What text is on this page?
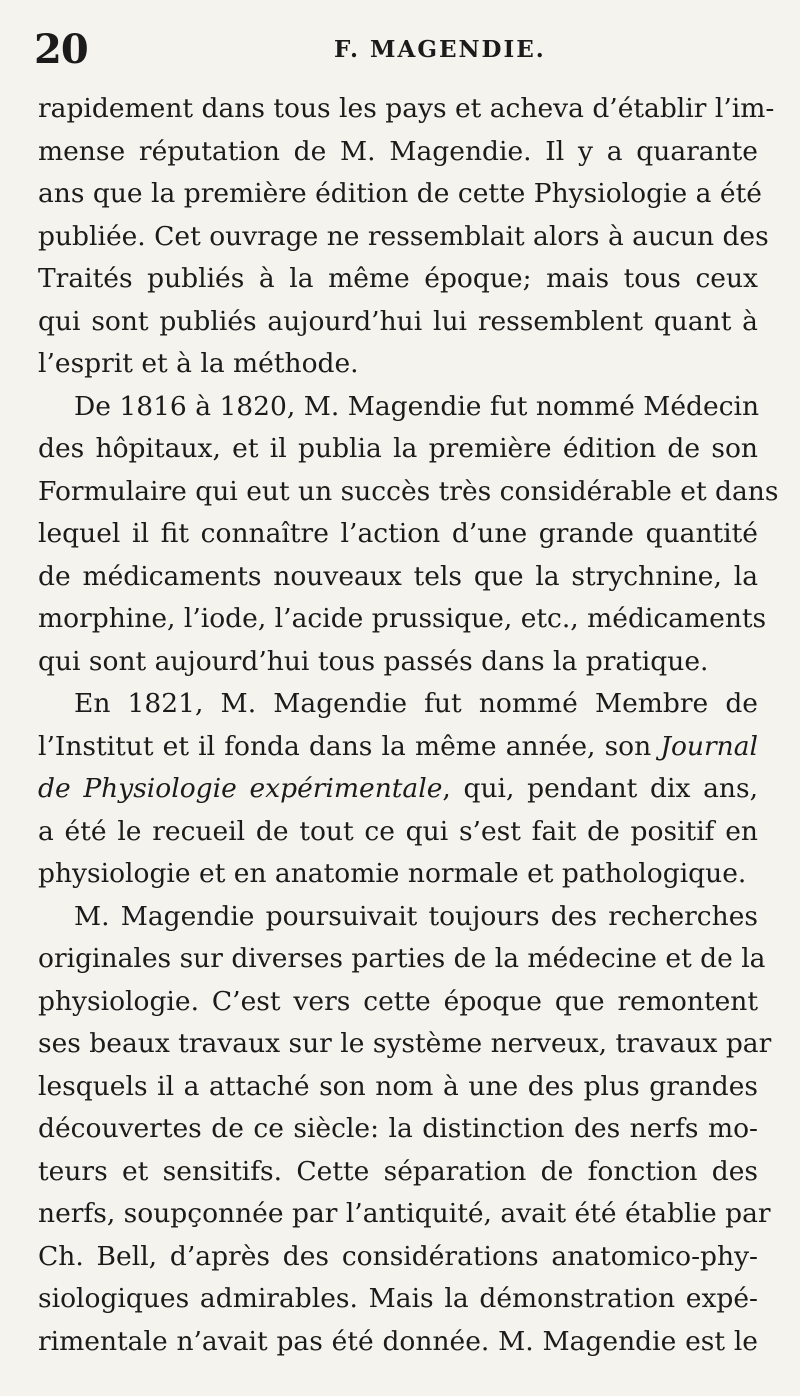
20	F. MAGENDIE.
rapidement dans tous les pays et acheva d’établir l’im-
mense réputation de M. Magendie. Il y a quarante
ans que la première édition de cette Physiologie a été
publiée. Cet ouvrage ne ressemblait alors à aucun des
Traités publiés à la même époque; mais tous ceux
qui sont publiés aujourd’hui lui ressemblent quant à
l’esprit et à la méthode.
De 1816 à 1820, M. Magendie fut nommé Médecin
des hôpitaux, et il publia la première édition de son
Formulaire qui eut un succès très considérable et dans
lequel il fit connaître l’action d’une grande quantité
de médicaments nouveaux tels que la strychnine, la
morphine, l’iode, l’acide prussique, etc., médicaments
qui sont aujourd’hui tous passés dans la pratique.
En 1821, M. Magendie fut nommé Membre de
l’Institut et il fonda dans la même année, son Journal
de Physiologie expérimentale, qui, pendant dix ans,
a été le recueil de tout ce qui s’est fait de positif en
physiologie et en anatomie normale et pathologique.
M. Magendie poursuivait toujours des recherches
originales sur diverses parties de la médecine et de la
physiologie. C’est vers cette époque que remontent
ses beaux travaux sur le système nerveux, travaux par
lesquels il a attaché son nom à une des plus grandes
découvertes de ce siècle: la distinction des nerfs mo-
teurs et sensitifs. Cette séparation de fonction des
nerfs, soupçonnée par l’antiquité, avait été établie par
Ch. Bell, d’après des considérations anatomico-phy-
siologiques admirables. Mais la démonstration expé-
rimentale n’avait pas été donnée. M. Magendie est le
